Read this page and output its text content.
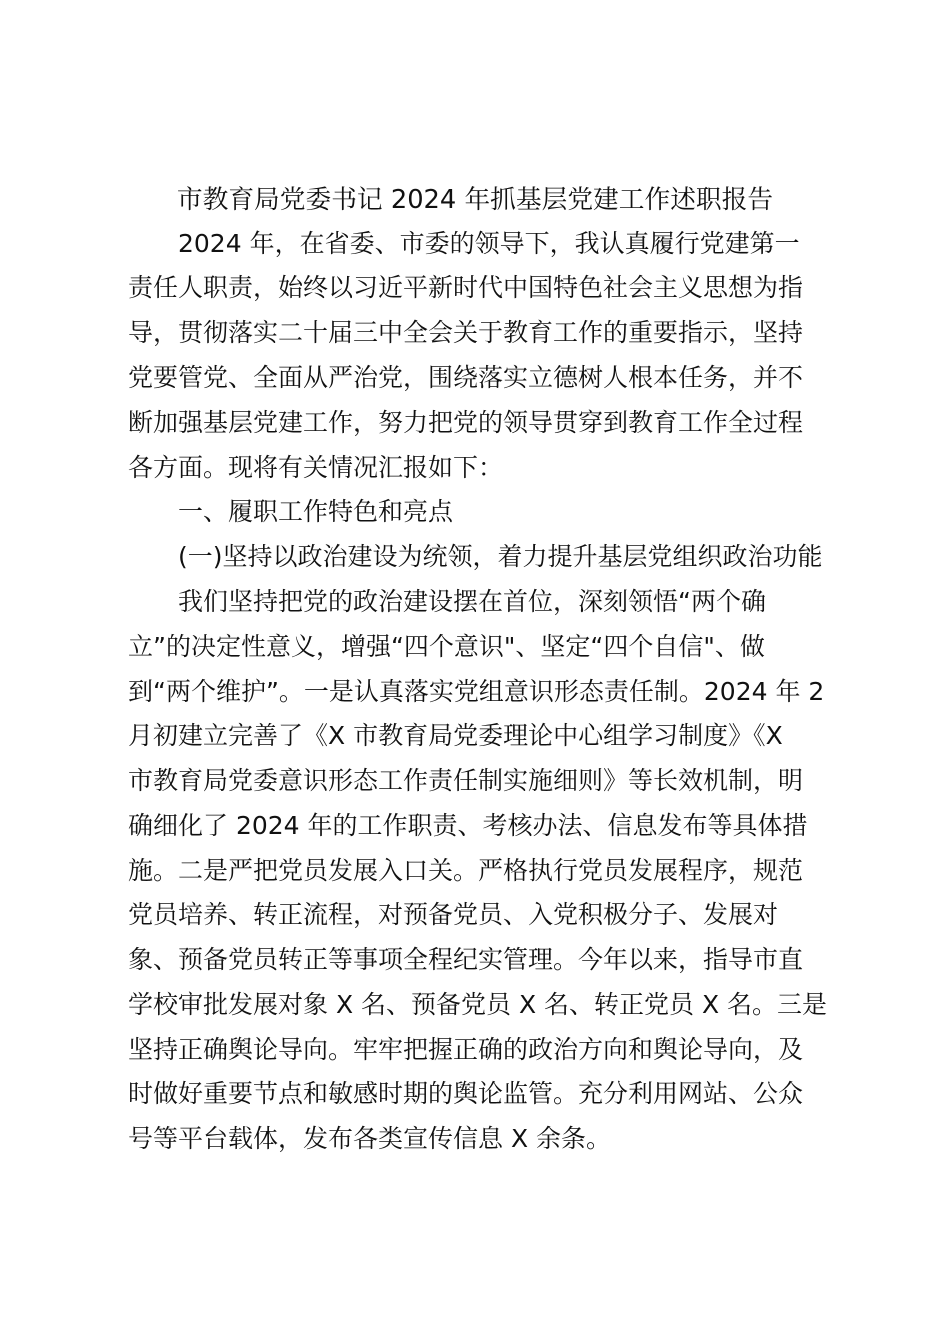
市教育局党委书记 2024 年抓基层党建工作述职报告
2024 年，在省委、市委的领导下，我认真履行党建第一
责任人职责，始终以习近平新时代中国特色社会主义思想为指
导，贯彻落实二十届三中全会关于教育工作的重要指示，坚持
党要管党、全面从严治党，围绕落实立德树人根本任务，并不
断加强基层党建工作，努力把党的领导贯穿到教育工作全过程
各方面。现将有关情况汇报如下：
一、履职工作特色和亮点
(一)坚持以政治建设为统领，着力提升基层党组织政治功能
我们坚持把党的政治建设摆在首位，深刻领悟“两个确
立”的决定性意义，增强“四个意识"、坚定“四个自信"、做
到“两个维护”。一是认真落实党组意识形态责任制。2024 年 2
月初建立完善了《X 市教育局党委理论中心组学习制度》《X
市教育局党委意识形态工作责任制实施细则》等长效机制，明
确细化了 2024 年的工作职责、考核办法、信息发布等具体措
施。二是严把党员发展入口关。严格执行党员发展程序，规范
党员培养、转正流程，对预备党员、入党积极分子、发展对
象、预备党员转正等事项全程纪实管理。今年以来，指导市直
学校审批发展对象 X 名、预备党员 X 名、转正党员 X 名。三是
坚持正确舆论导向。牢牢把握正确的政治方向和舆论导向，及
时做好重要节点和敏感时期的舆论监管。充分利用网站、公众
号等平台载体，发布各类宣传信息 X 余条。
